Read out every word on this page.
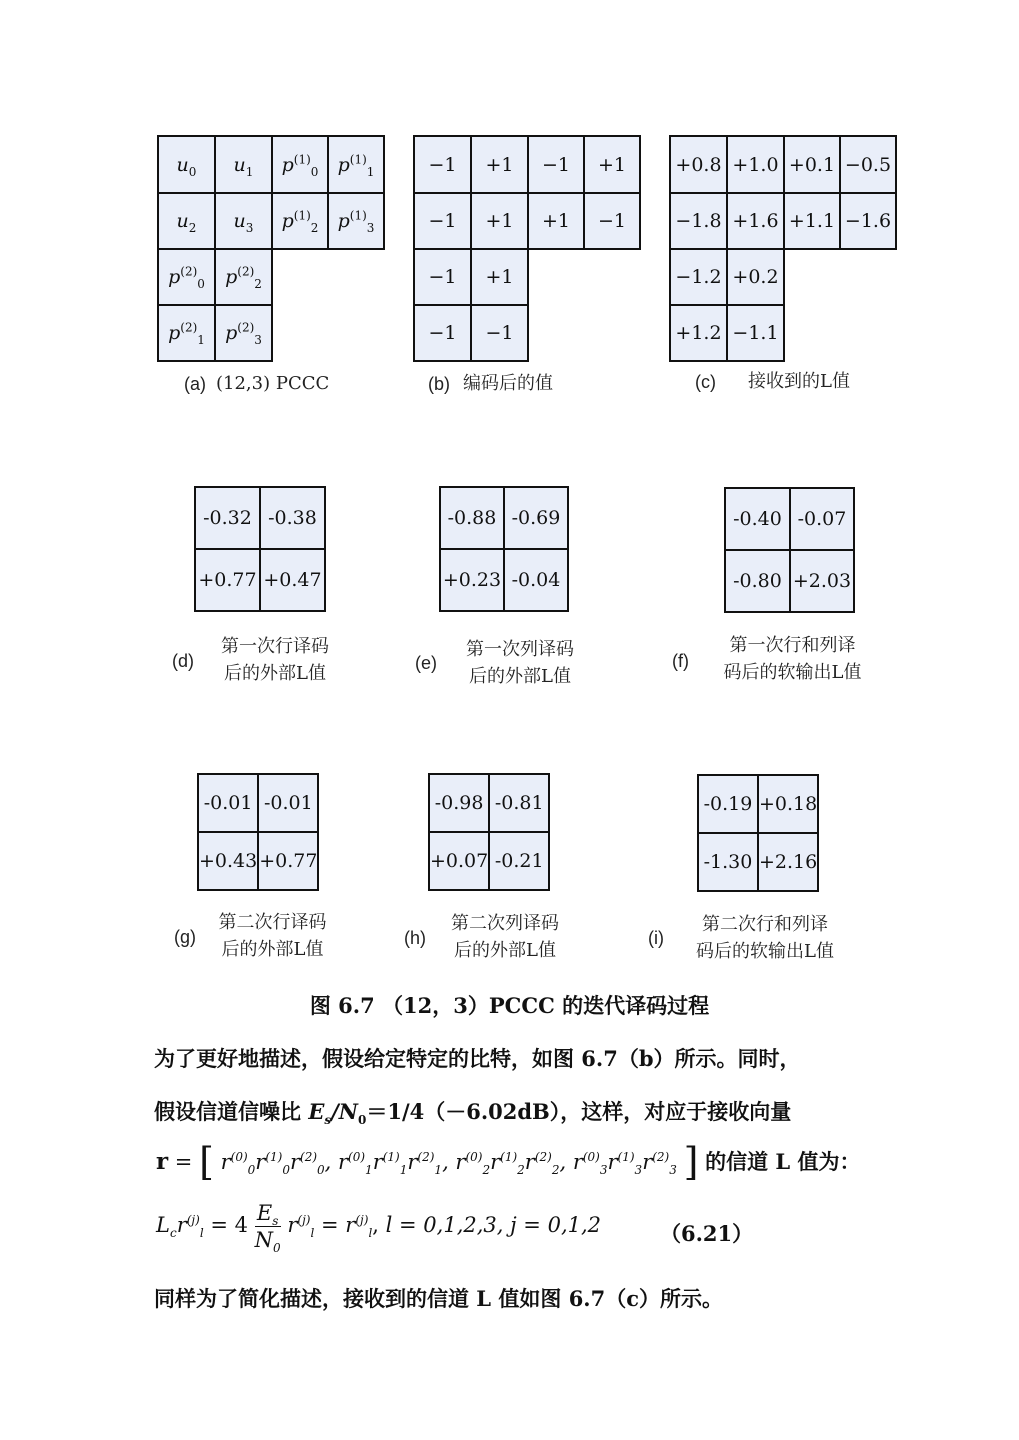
$u_0$	$u_1$	$p^{(1)}_0$	$p^{(1)}_1$
$u_2$	$u_3$	$p^{(1)}_2$	$p^{(1)}_3$
$p^{(2)}_0$	$p^{(2)}_2$		
$p^{(2)}_1$	$p^{(2)}_3$		
(a) (12,3) PCCC
−1	+1	−1	+1
−1	+1	+1	−1
−1	+1		
−1	−1		
(b) 编码后的值
+0.8	+1.0	+0.1	−0.5
−1.8	+1.6	+1.1	−1.6
−1.2	+0.2		
+1.2	−1.1		
(c) 接收到的L值
-0.32	-0.38
+0.77	+0.47
(d)
第一次行译码
后的外部L值
-0.88	-0.69
+0.23	-0.04
(e)
第一次列译码
后的外部L值
-0.40	-0.07
-0.80	+2.03
(f)
第一次行和列译
码后的软输出L值
-0.01	-0.01
+0.43	+0.77
(g)
第二次行译码
后的外部L值
-0.98	-0.81
+0.07	-0.21
(h)
第二次列译码
后的外部L值
-0.19	+0.18
-1.30	+2.16
(i)
第二次行和列译
码后的软输出L值
图 6.7 （12，3）PCCC 的迭代译码过程
为了更好地描述，假设给定特定的比特，如图 6.7（b）所示。同时，
假设信道信噪比 $E_s/N_0=1/4(-6.02dB)$，这样，对应于接收向量
r = [ $r^{(0)}_0r^{(1)}_0r^{(2)}_0$, $r^{(0)}_1r^{(1)}_1r^{(2)}_1$, $r^{(0)}_2r^{(1)}_2r^{(2)}_2$, $r^{(0)}_3r^{(1)}_3r^{(2)}_3$ ] 的信道 L 值为：
$L_cr^{(j)}_l = 4 \frac{E_s}{N_0} r^{(j)}_l = r^{(j)}_l$, l = 0,1,2,3, j = 0,1,2	（6.21）
同样为了简化描述，接收到的信道 L 值如图 6.7（c）所示。
